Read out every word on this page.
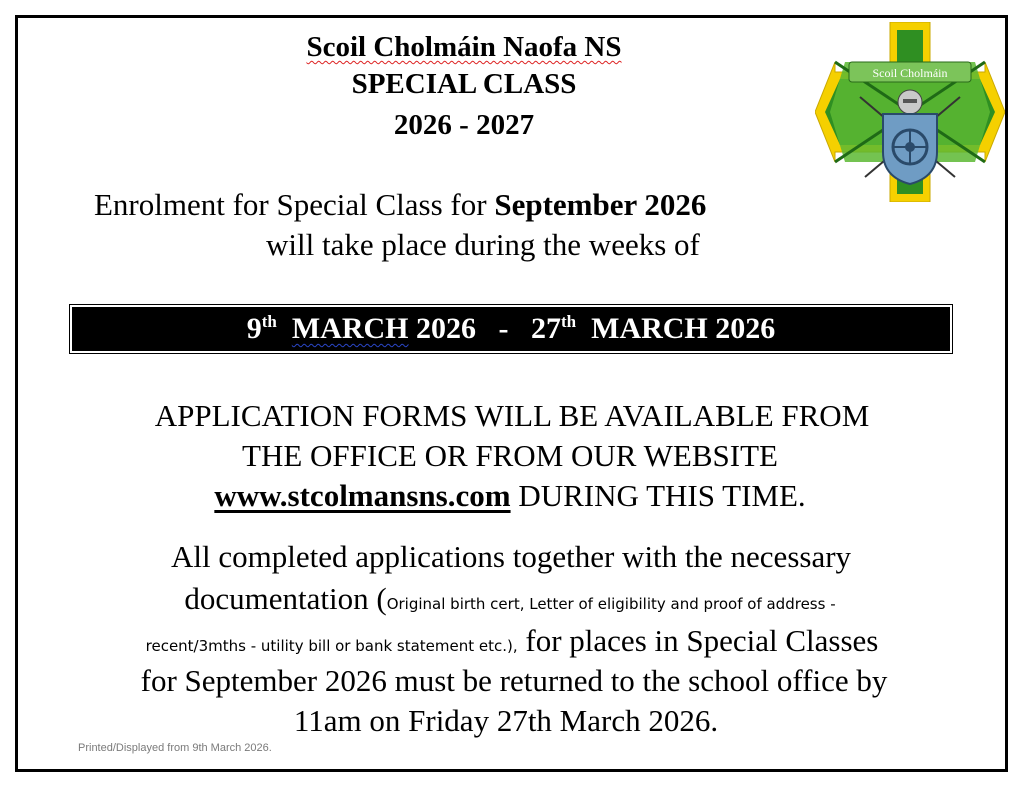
Scoil Cholmáin Naofa NS
SPECIAL CLASS
2026 - 2027
Scoil Cholmáin
Enrolment for Special Class for September 2026
will take place during the weeks of
9th MARCH 2026 - 27th MARCH 2026
APPLICATION FORMS WILL BE AVAILABLE FROM
THE OFFICE OR FROM OUR WEBSITE
www.stcolmansns.com DURING THIS TIME.
All completed applications together with the necessary
documentation (Original birth cert, Letter of eligibility and proof of address -
recent/3mths - utility bill or bank statement etc.), for places in Special Classes
for September 2026 must be returned to the school office by
11am on Friday 27th March 2026.
Printed/Displayed from 9th March 2026.
